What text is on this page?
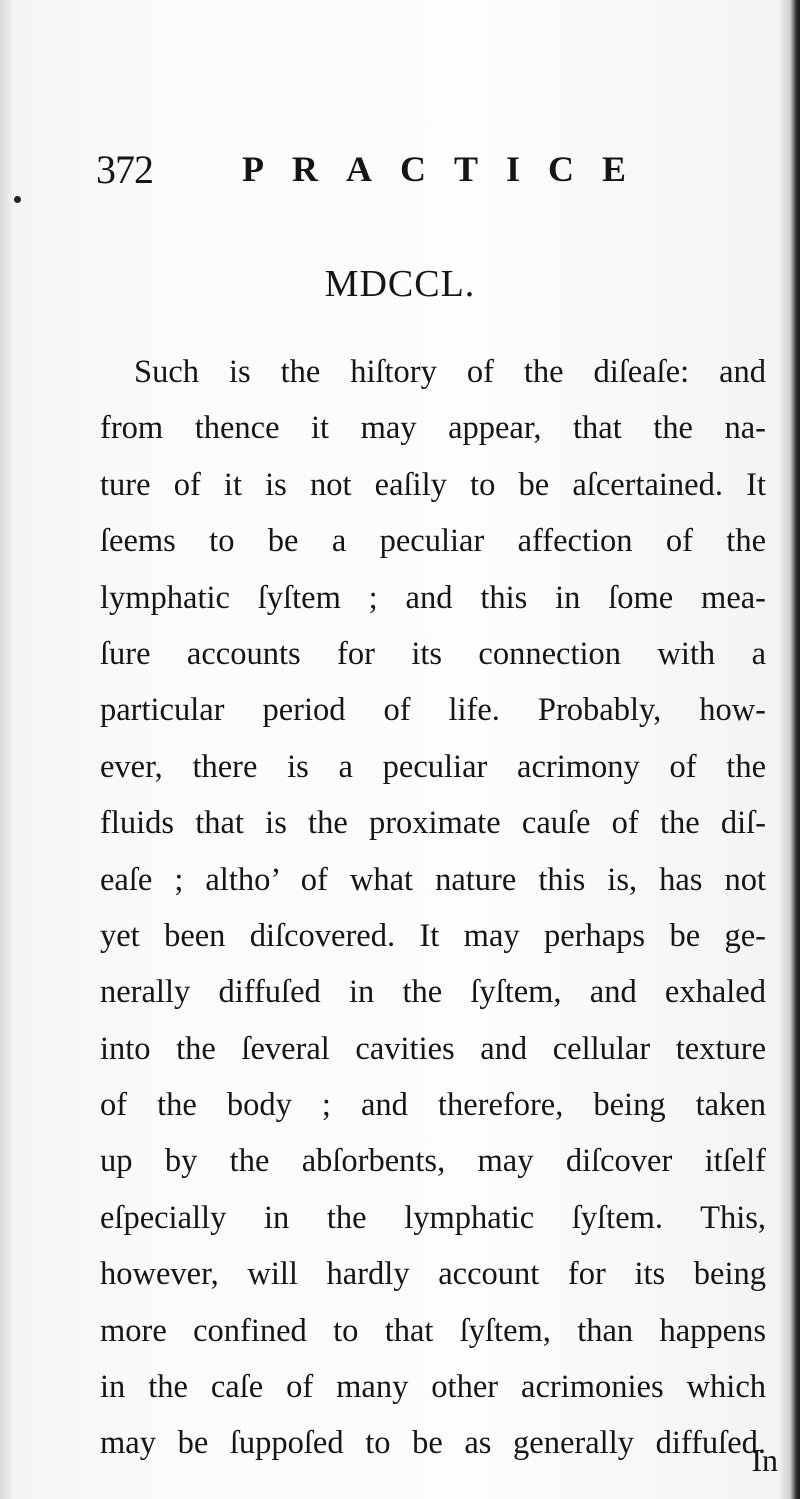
372 PRACTICE
MDCCL.
Such is the hiſtory of the diſeaſe: and
from thence it may appear, that the na-
ture of it is not eaſily to be aſcertained. It
ſeems to be a peculiar affection of the
lymphatic ſyſtem ; and this in ſome mea-
ſure accounts for its connection with a
particular period of life. Probably, how-
ever, there is a peculiar acrimony of the
fluids that is the proximate cauſe of the diſ-
eaſe ; altho’ of what nature this is, has not
yet been diſcovered. It may perhaps be ge-
nerally diffuſed in the ſyſtem, and exhaled
into the ſeveral cavities and cellular texture
of the body ; and therefore, being taken
up by the abſorbents, may diſcover itſelf
eſpecially in the lymphatic ſyſtem. This,
however, will hardly account for its being
more confined to that ſyſtem, than happens
in the caſe of many other acrimonies which
may be ſuppoſed to be as generally diffuſed.
In
